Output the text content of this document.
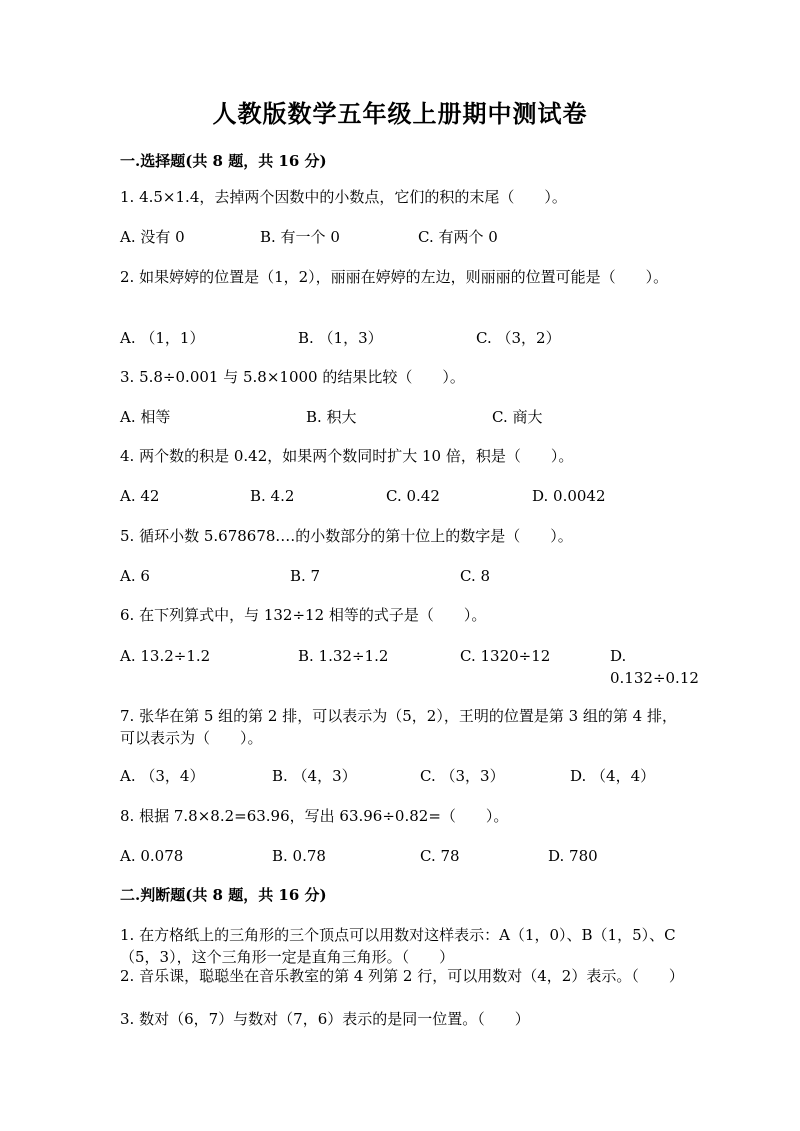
人教版数学五年级上册期中测试卷
一.选择题(共 8 题，共 16 分)

1. 4.5×1.4，去掉两个因数中的小数点，它们的积的末尾（　　）。

A. 没有 0	B. 有一个 0	C. 有两个 0

2. 如果婷婷的位置是（1，2），丽丽在婷婷的左边，则丽丽的位置可能是（　　）。

A. （1，1）	B. （1，3）	C. （3，2）

3. 5.8÷0.001 与 5.8×1000 的结果比较（　　）。

A. 相等	B. 积大	C. 商大

4. 两个数的积是 0.42，如果两个数同时扩大 10 倍，积是（　　）。

A. 42	B. 4.2	C. 0.42	D. 0.0042

5. 循环小数 5.678678.…的小数部分的第十位上的数字是（　　）。

A. 6	B. 7	C. 8

6. 在下列算式中，与 132÷12 相等的式子是（　　）。

A. 13.2÷1.2	B. 1.32÷1.2	C. 1320÷12	D. 0.132÷0.12

7. 张华在第 5 组的第 2 排，可以表示为（5，2），王明的位置是第 3 组的第 4 排，可以表示为（　　）。

A. （3，4）	B. （4，3）	C. （3，3）	D. （4，4）

8. 根据 7.8×8.2=63.96，写出 63.96÷0.82=（　　）。

A. 0.078	B. 0.78	C. 78	D. 780
二.判断题(共 8 题，共 16 分)

1. 在方格纸上的三角形的三个顶点可以用数对这样表示：A（1，0）、B（1，5）、C（5，3），这个三角形一定是直角三角形。（　　）

2. 音乐课，聪聪坐在音乐教室的第 4 列第 2 行，可以用数对（4，2）表示。（　　）

3. 数对（6，7）与数对（7，6）表示的是同一位置。（　　）
